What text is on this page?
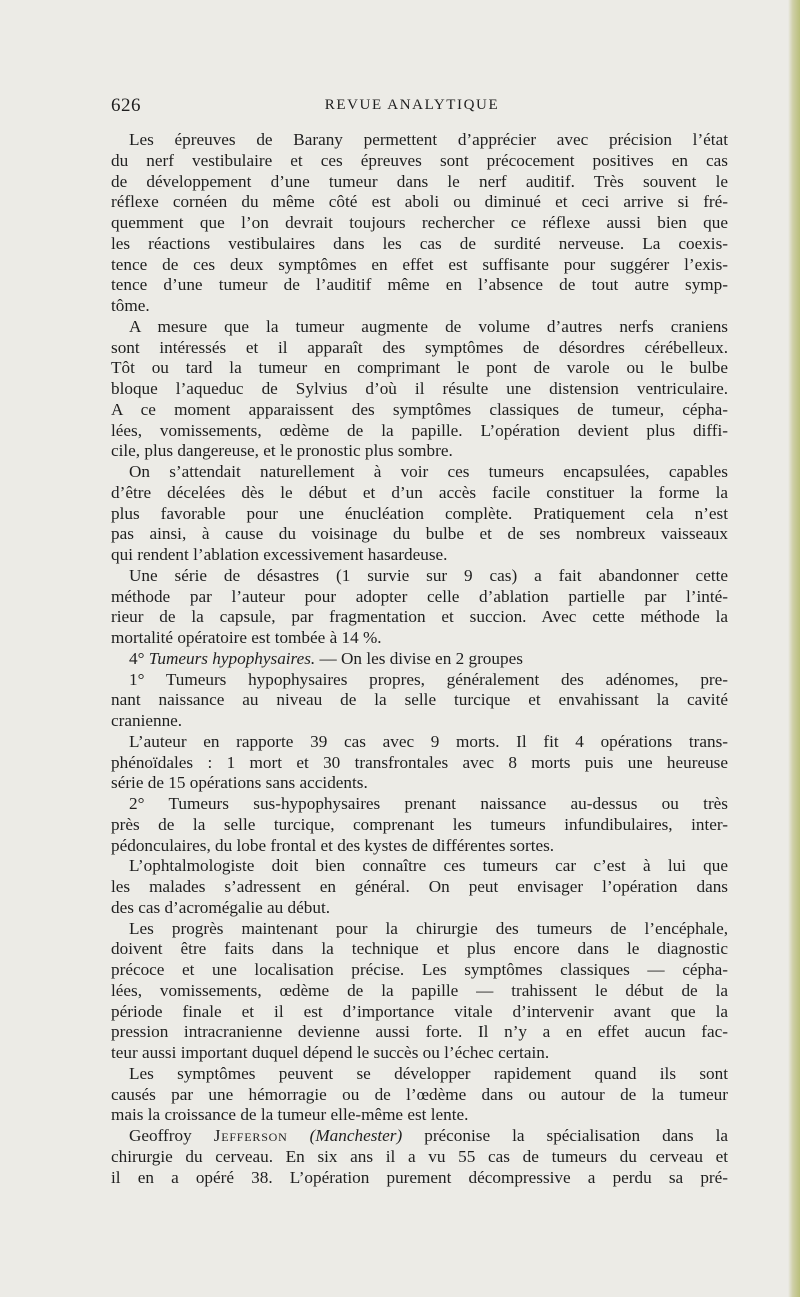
626	REVUE ANALYTIQUE
Les épreuves de Barany permettent d’apprécier avec précision l’état
du nerf vestibulaire et ces épreuves sont précocement positives en cas
de développement d’une tumeur dans le nerf auditif. Très souvent le
réflexe cornéen du même côté est aboli ou diminué et ceci arrive si fré-
quemment que l’on devrait toujours rechercher ce réflexe aussi bien que
les réactions vestibulaires dans les cas de surdité nerveuse. La coexis-
tence de ces deux symptômes en effet est suffisante pour suggérer l’exis-
tence d’une tumeur de l’auditif même en l’absence de tout autre symp-
tôme.
A mesure que la tumeur augmente de volume d’autres nerfs craniens
sont intéressés et il apparaît des symptômes de désordres cérébelleux.
Tôt ou tard la tumeur en comprimant le pont de varole ou le bulbe
bloque l’aqueduc de Sylvius d’où il résulte une distension ventriculaire.
A ce moment apparaissent des symptômes classiques de tumeur, cépha-
lées, vomissements, œdème de la papille. L’opération devient plus diffi-
cile, plus dangereuse, et le pronostic plus sombre.
On s’attendait naturellement à voir ces tumeurs encapsulées, capables
d’être décelées dès le début et d’un accès facile constituer la forme la
plus favorable pour une énucléation complète. Pratiquement cela n’est
pas ainsi, à cause du voisinage du bulbe et de ses nombreux vaisseaux
qui rendent l’ablation excessivement hasardeuse.
Une série de désastres (1 survie sur 9 cas) a fait abandonner cette
méthode par l’auteur pour adopter celle d’ablation partielle par l’inté-
rieur de la capsule, par fragmentation et succion. Avec cette méthode la
mortalité opératoire est tombée à 14 %.
4° Tumeurs hypophysaires. — On les divise en 2 groupes
1° Tumeurs hypophysaires propres, généralement des adénomes, pre-
nant naissance au niveau de la selle turcique et envahissant la cavité
cranienne.
L’auteur en rapporte 39 cas avec 9 morts. Il fit 4 opérations trans-
phénoïdales : 1 mort et 30 transfrontales avec 8 morts puis une heureuse
série de 15 opérations sans accidents.
2° Tumeurs sus-hypophysaires prenant naissance au-dessus ou très
près de la selle turcique, comprenant les tumeurs infundibulaires, inter-
pédonculaires, du lobe frontal et des kystes de différentes sortes.
L’ophtalmologiste doit bien connaître ces tumeurs car c’est à lui que
les malades s’adressent en général. On peut envisager l’opération dans
des cas d’acromégalie au début.
Les progrès maintenant pour la chirurgie des tumeurs de l’encéphale,
doivent être faits dans la technique et plus encore dans le diagnostic
précoce et une localisation précise. Les symptômes classiques — cépha-
lées, vomissements, œdème de la papille — trahissent le début de la
période finale et il est d’importance vitale d’intervenir avant que la
pression intracranienne devienne aussi forte. Il n’y a en effet aucun fac-
teur aussi important duquel dépend le succès ou l’échec certain.
Les symptômes peuvent se développer rapidement quand ils sont
causés par une hémorragie ou de l’œdème dans ou autour de la tumeur
mais la croissance de la tumeur elle-même est lente.
Geoffroy Jefferson (Manchester) préconise la spécialisation dans la
chirurgie du cerveau. En six ans il a vu 55 cas de tumeurs du cerveau et
il en a opéré 38. L’opération purement décompressive a perdu sa pré-
